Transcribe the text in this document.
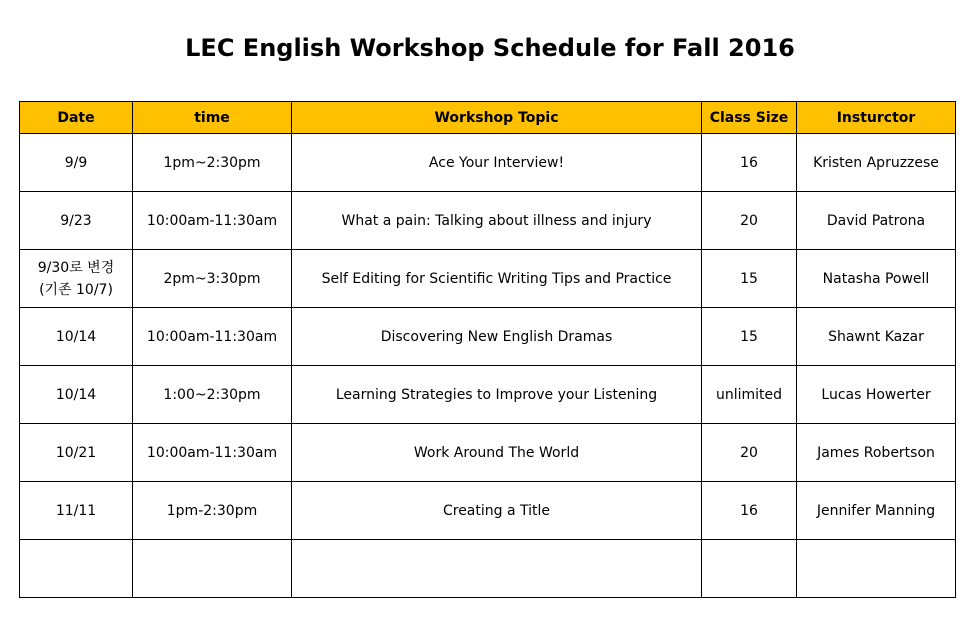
LEC English Workshop Schedule for Fall 2016
Date	time	Workshop Topic	Class Size	Insturctor

9/9	1pm~2:30pm	Ace Your Interview!	16	Kristen Apruzzese

9/23	10:00am-11:30am	What a pain: Talking about illness and injury	20	David Patrona

9/30로 변경
(기존 10/7)	2pm~3:30pm	Self Editing for Scientific Writing Tips and Practice	15	Natasha Powell

10/14	10:00am-11:30am	Discovering New English Dramas	15	Shawnt Kazar

10/14	1:00~2:30pm	Learning Strategies to Improve your Listening	unlimited	Lucas Howerter

10/21	10:00am-11:30am	Work Around The World	20	James Robertson

11/11	1pm-2:30pm	Creating a Title	16	Jennifer Manning
